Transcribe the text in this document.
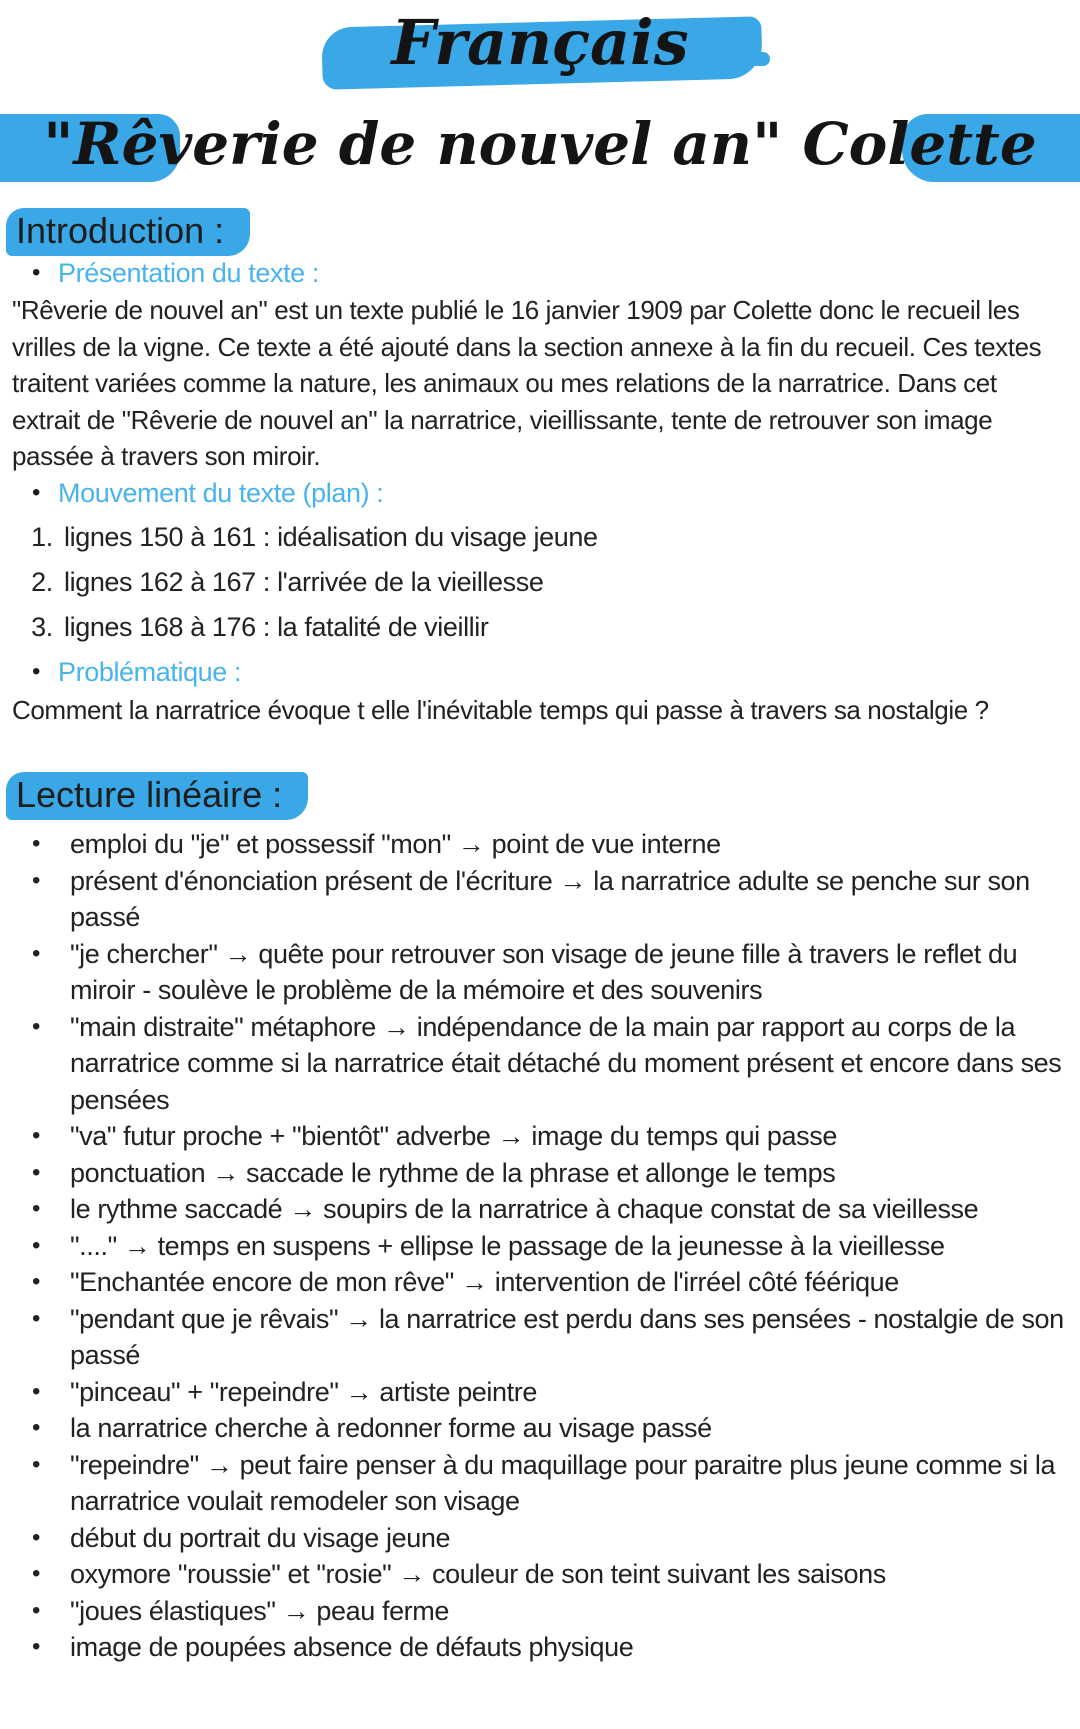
Français
"Rêverie de nouvel an" Colette
Introduction :
• Présentation du texte :

"Rêverie de nouvel an" est un texte publié le 16 janvier 1909 par Colette donc le recueil les vrilles de la vigne. Ce texte a été ajouté dans la section annexe à la fin du recueil. Ces textes traitent variées comme la nature, les animaux ou mes relations de la narratrice. Dans cet extrait de "Rêverie de nouvel an" la narratrice, vieillissante, tente de retrouver son image passée à travers son miroir.

• Mouvement du texte (plan) :
1. lignes 150 à 161 : idéalisation du visage jeune
2. lignes 162 à 167 : l'arrivée de la vieillesse
3. lignes 168 à 176 : la fatalité de vieillir
• Problématique :

Comment la narratrice évoque t elle l'inévitable temps qui passe à travers sa nostalgie ?

Lecture linéaire :
• emploi du "je" et possessif "mon" → point de vue interne
• présent d'énonciation présent de l'écriture → la narratrice adulte se penche sur son passé
• "je chercher" → quête pour retrouver son visage de jeune fille à travers le reflet du miroir - soulève le problème de la mémoire et des souvenirs
• "main distraite" métaphore → indépendance de la main par rapport au corps de la narratrice comme si la narratrice était détaché du moment présent et encore dans ses pensées
• "va" futur proche + "bientôt" adverbe → image du temps qui passe
• ponctuation → saccade le rythme de la phrase et allonge le temps
• le rythme saccadé → soupirs de la narratrice à chaque constat de sa vieillesse
• "...." → temps en suspens + ellipse le passage de la jeunesse à la vieillesse
• "Enchantée encore de mon rêve" → intervention de l'irréel côté féérique
• "pendant que je rêvais" → la narratrice est perdu dans ses pensées - nostalgie de son passé
• "pinceau" + "repeindre" → artiste peintre
• la narratrice cherche à redonner forme au visage passé
• "repeindre" → peut faire penser à du maquillage pour paraitre plus jeune comme si la narratrice voulait remodeler son visage
• début du portrait du visage jeune
• oxymore "roussie" et "rosie" → couleur de son teint suivant les saisons
• "joues élastiques" → peau ferme
• image de poupées absence de défauts physique
